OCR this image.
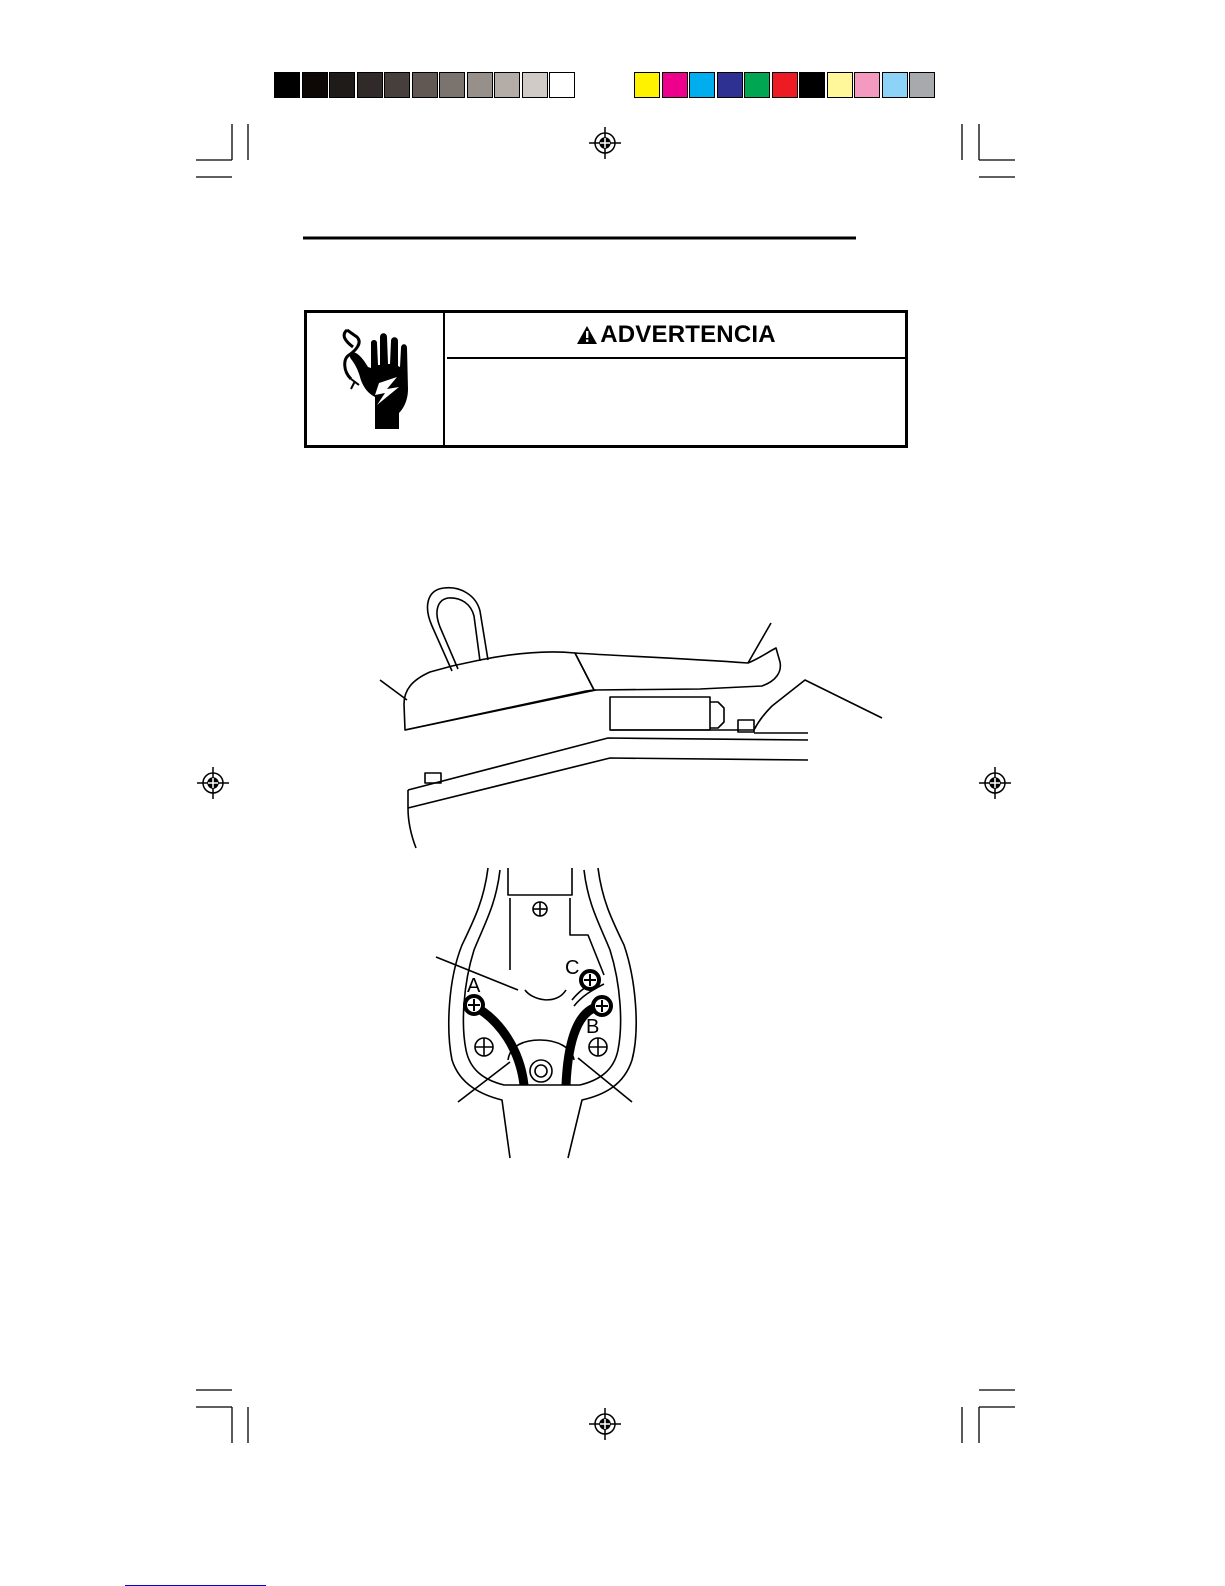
A
B
C
ADVERTENCIA
